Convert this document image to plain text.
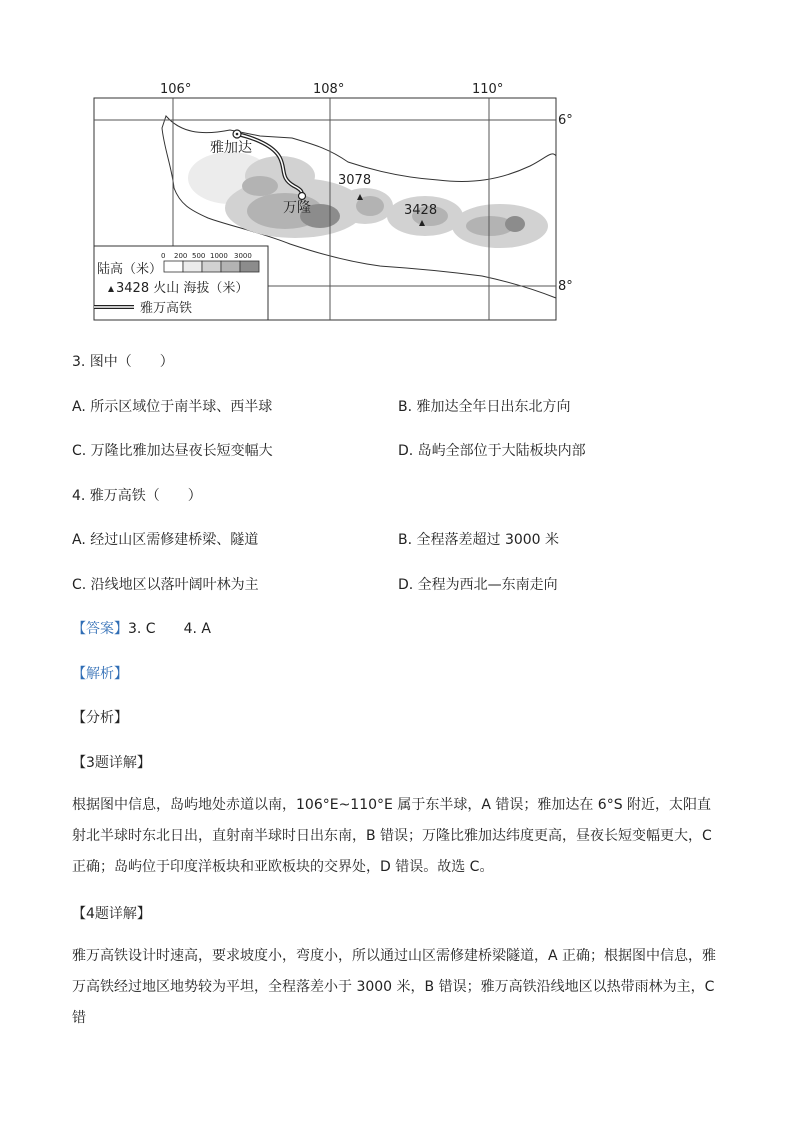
106°	108°	110°
6°
8°
雅加达
万隆
3078
3428
0 200 500 1000 3000
陆高（米）
3428 火山 海拔（米）
雅万高铁
3. 图中（　　）
A. 所示区域位于南半球、西半球	B. 雅加达全年日出东北方向
C. 万隆比雅加达昼夜长短变幅大	D. 岛屿全部位于大陆板块内部
4. 雅万高铁（　　）
A. 经过山区需修建桥梁、隧道	B. 全程落差超过 3000 米
C. 沿线地区以落叶阔叶林为主	D. 全程为西北—东南走向
【答案】3. C　　4. A
【解析】
【分析】
【3题详解】
根据图中信息，岛屿地处赤道以南，106°E~110°E 属于东半球，A 错误；雅加达在 6°S 附近，太阳直射北半球时东北日出，直射南半球时日出东南，B 错误；万隆比雅加达纬度更高，昼夜长短变幅更大，C 正确；岛屿位于印度洋板块和亚欧板块的交界处，D 错误。故选 C。
【4题详解】
雅万高铁设计时速高，要求坡度小，弯度小，所以通过山区需修建桥梁隧道，A 正确；根据图中信息，雅万高铁经过地区地势较为平坦，全程落差小于 3000 米，B 错误；雅万高铁沿线地区以热带雨林为主，C 错
